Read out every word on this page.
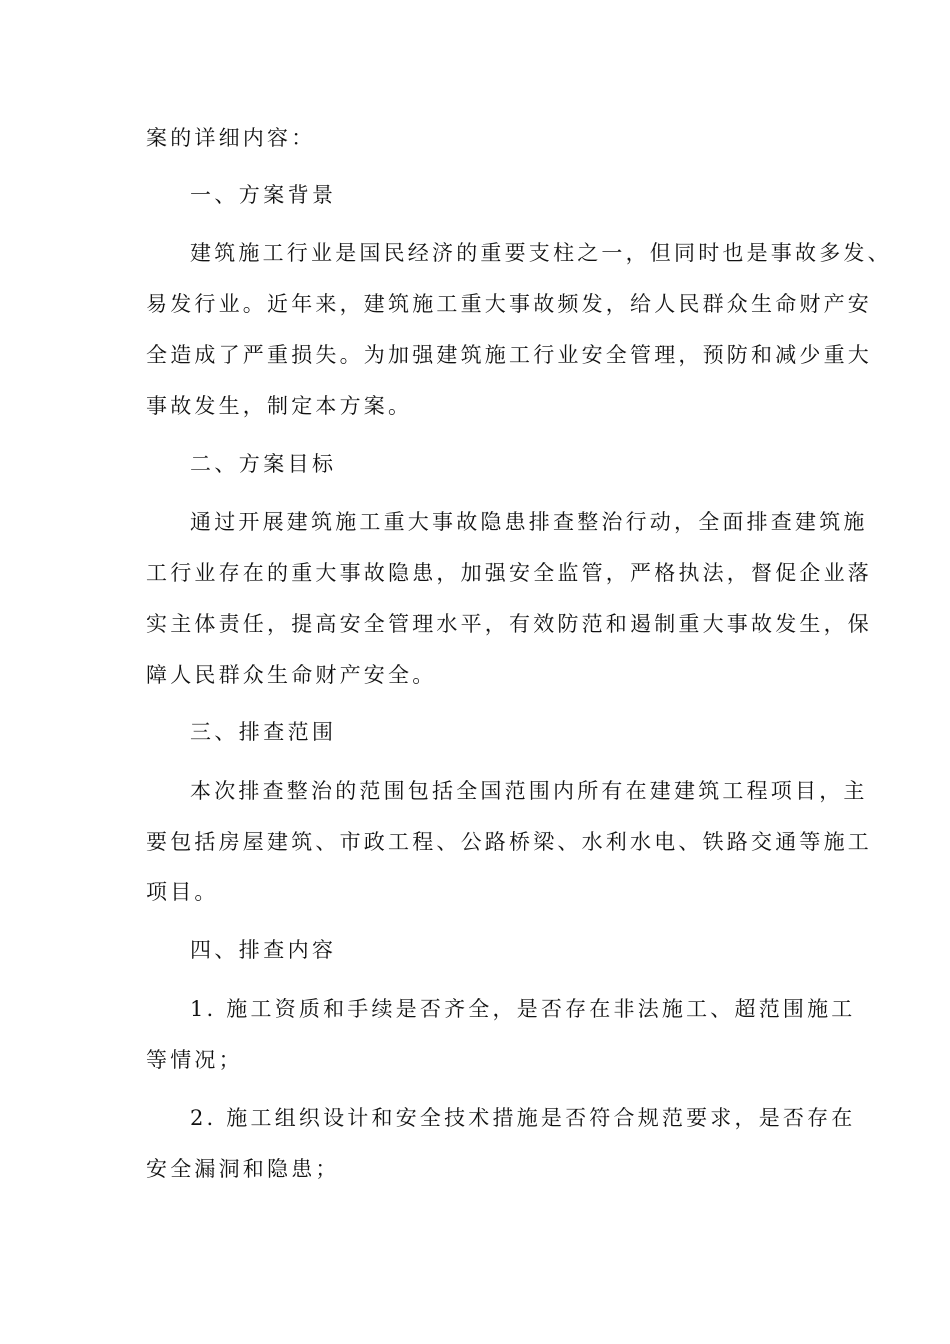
案的详细内容：
一、方案背景
建筑施工行业是国民经济的重要支柱之一，但同时也是事故多发、
易发行业。近年来，建筑施工重大事故频发，给人民群众生命财产安
全造成了严重损失。为加强建筑施工行业安全管理，预防和减少重大
事故发生，制定本方案。
二、方案目标
通过开展建筑施工重大事故隐患排查整治行动，全面排查建筑施
工行业存在的重大事故隐患，加强安全监管，严格执法，督促企业落
实主体责任，提高安全管理水平，有效防范和遏制重大事故发生，保
障人民群众生命财产安全。
三、排查范围
本次排查整治的范围包括全国范围内所有在建建筑工程项目，主
要包括房屋建筑、市政工程、公路桥梁、水利水电、铁路交通等施工
项目。
四、排查内容
1. 施工资质和手续是否齐全，是否存在非法施工、超范围施工
等情况；
2. 施工组织设计和安全技术措施是否符合规范要求，是否存在
安全漏洞和隐患；
